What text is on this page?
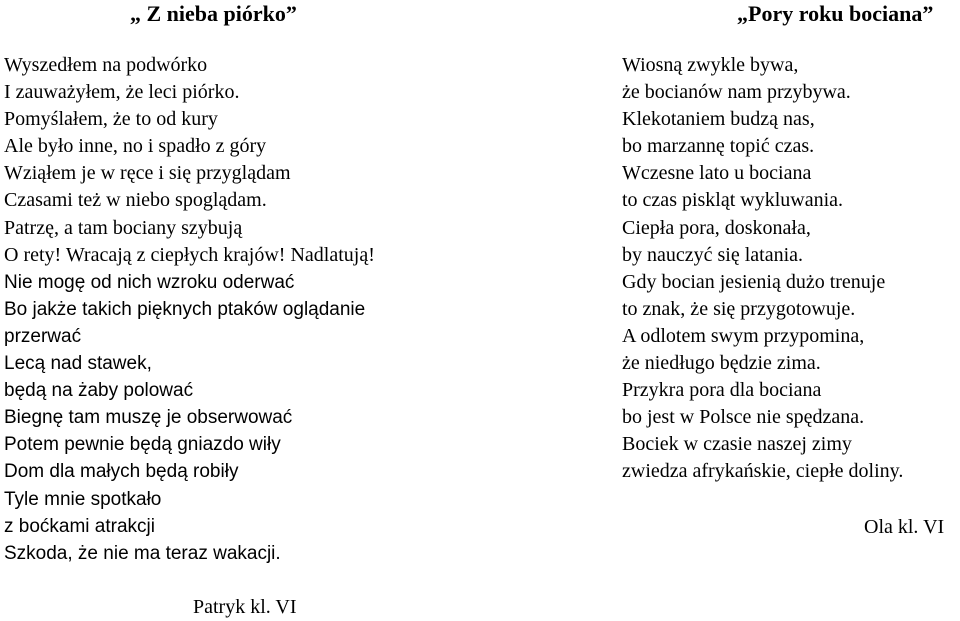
„ Z nieba piórko”
Wyszedłem na podwórko
I zauważyłem, że leci piórko.
Pomyślałem, że to od kury
Ale było inne, no i spadło z góry
Wziąłem je w ręce i się przyglądam
Czasami też w niebo spoglądam.
Patrzę, a tam bociany szybują
O rety! Wracają z ciepłych krajów! Nadlatują!
Nie mogę od nich wzroku oderwać
Bo jakże takich pięknych ptaków oglądanie
przerwać
Lecą nad stawek,
będą na żaby polować
Biegnę tam muszę je obserwować
Potem pewnie będą gniazdo wiły
Dom dla małych będą robiły
Tyle mnie spotkało
z boćkami atrakcji
Szkoda, że nie ma teraz wakacji.
Patryk kl. VI
„Pory roku bociana”
Wiosną zwykle bywa,
że bocianów nam przybywa.
Klekotaniem budzą nas,
bo marzannę topić czas.
Wczesne lato u bociana
to czas piskląt wykluwania.
Ciepła pora, doskonała,
by nauczyć się latania.
Gdy bocian jesienią dużo trenuje
to znak, że się przygotowuje.
A odlotem swym przypomina,
że niedługo będzie zima.
Przykra pora dla bociana
bo jest w Polsce nie spędzana.
Bociek w czasie naszej zimy
zwiedza afrykańskie, ciepłe doliny.
Ola kl. VI
